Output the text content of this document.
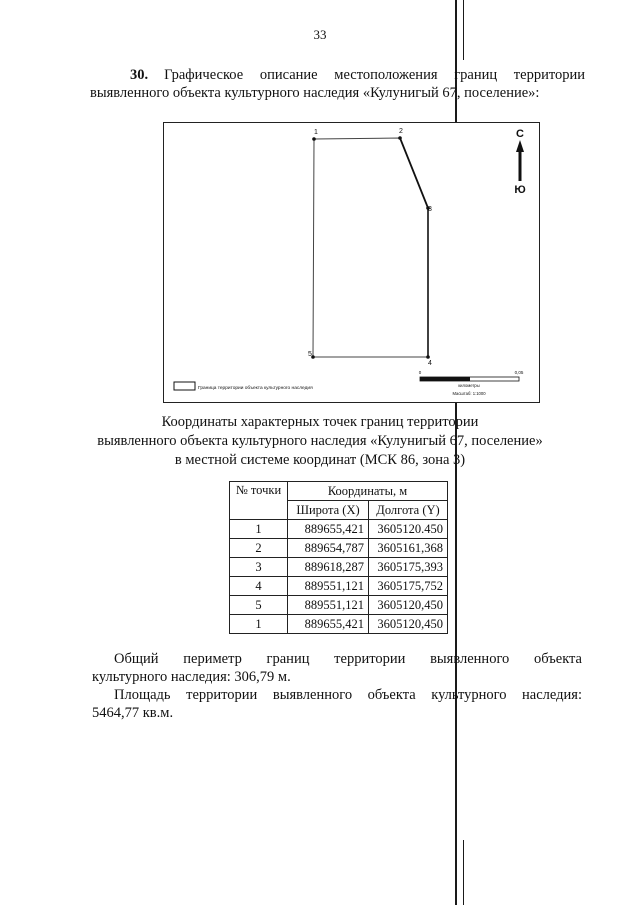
33
30. Графическое описание местоположения границ территории
выявленного объекта культурного наследия «Кулунигый 67, поселение»:
1	2
3
4
5
С
Ю
Граница территории объекта культурного наследия
0	0,05
километры
Масштаб: 1:1000
Координаты характерных точек границ территории
выявленного объекта культурного наследия «Кулунигый 67, поселение»
в местной системе координат (МСК 86, зона 3)
№ точки	Координаты, м	
	Широта (X)	Долгота (Y)
1	889655,421	3605120.450
2	889654,787	3605161,368
3	889618,287	3605175,393
4	889551,121	3605175,752
5	889551,121	3605120,450
1	889655,421	3605120,450
Общий периметр границ территории выявленного объекта
культурного наследия: 306,79 м.
Площадь территории выявленного объекта культурного наследия:
5464,77 кв.м.
